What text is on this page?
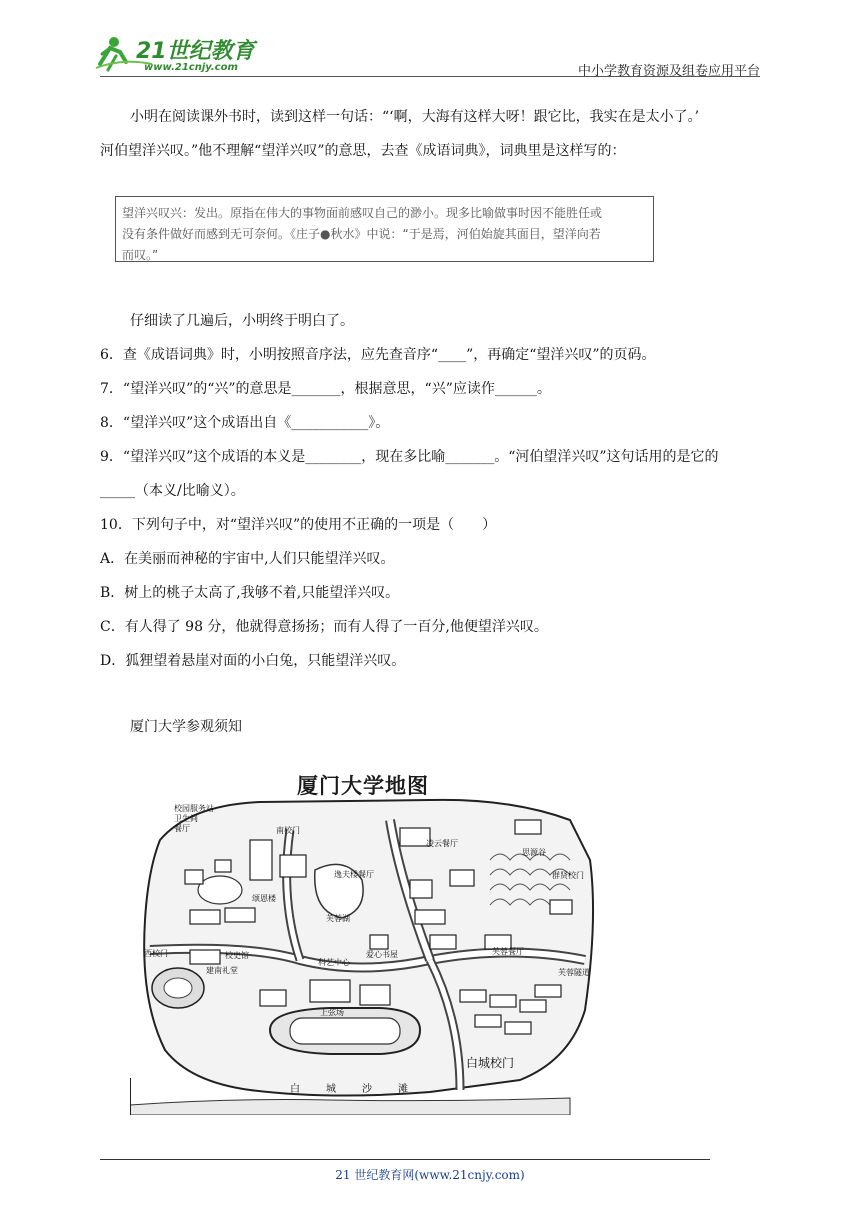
21世纪教育
www.21cnjy.com	中小学教育资源及组卷应用平台
小明在阅读课外书时，读到这样一句话：“‘啊，大海有这样大呀！跟它比，我实在是太小了。’
河伯望洋兴叹。”他不理解“望洋兴叹”的意思，去查《成语词典》，词典里是这样写的：
望洋兴叹兴：发出。原指在伟大的事物面前感叹自己的渺小。现多比喻做事时因不能胜任或
没有条件做好而感到无可奈何。《庄子●秋水》中说：“于是焉，河伯始旋其面目，望洋向若
而叹。”
仔细读了几遍后，小明终于明白了。
6．查《成语词典》时，小明按照音序法，应先查音序“____”，再确定“望洋兴叹”的页码。
7．“望洋兴叹”的“兴”的意思是_______，根据意思，“兴”应读作______。
8．“望洋兴叹”这个成语出自《___________》。
9．“望洋兴叹”这个成语的本义是________，现在多比喻_______。“河伯望洋兴叹”这句话用的是它的
_____（本义/比喻义）。
10．下列句子中，对“望洋兴叹”的使用不正确的一项是（　　）
A．在美丽而神秘的宇宙中,人们只能望洋兴叹。
B．树上的桃子太高了,我够不着,只能望洋兴叹。
C．有人得了 98 分，他就得意扬扬；而有人得了一百分,他便望洋兴叹。
D．狐狸望着悬崖对面的小白兔，只能望洋兴叹。
厦门大学参观须知
校园服务站
卫生间
餐厅	南校门
凌云餐厅
思源谷
群贤校门
逸夫楼餐厅
颂恩楼
芙蓉湖
西校门	校史馆
建南礼堂
科艺中心
爱心书屋	芙蓉餐厅
芙蓉隧道
上弦场
白城校门
白城沙滩
厦门大学地图
21 世纪教育网(www.21cnjy.com)
